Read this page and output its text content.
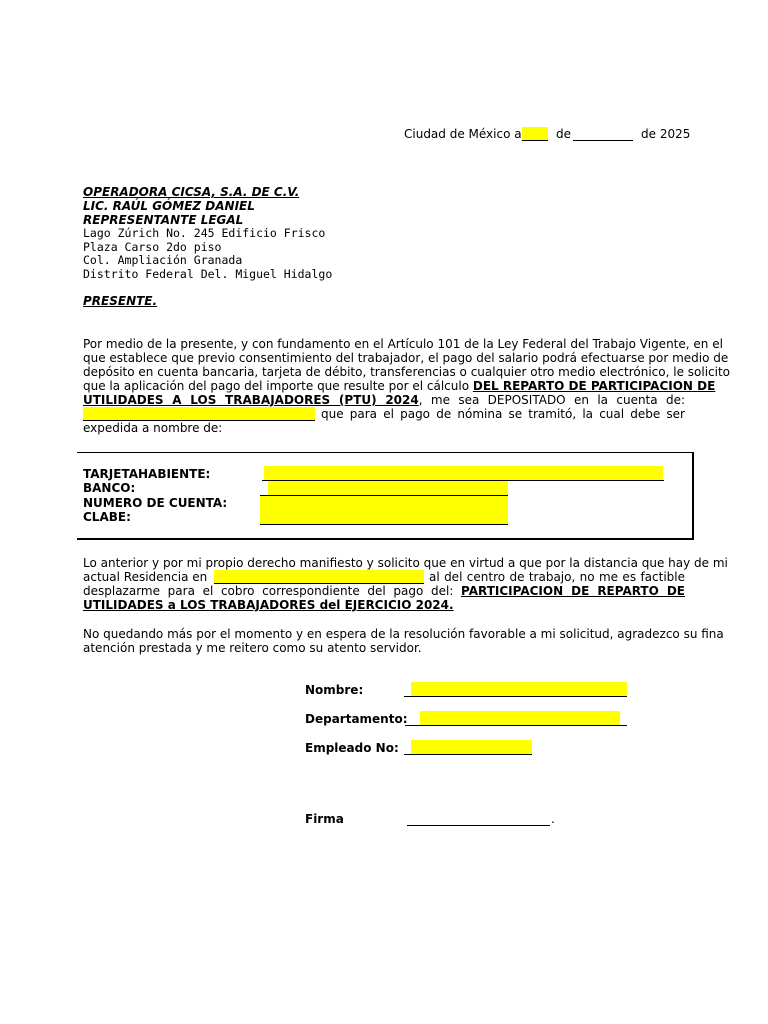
Ciudad de México a	de	de 2025
OPERADORA CICSA, S.A. DE C.V.
LIC. RAÚL GÓMEZ DANIEL
REPRESENTANTE LEGAL
Lago Zúrich No. 245 Edificio Frisco
Plaza Carso 2do piso
Col. Ampliación Granada
Distrito Federal Del. Miguel Hidalgo
PRESENTE.
Por medio de la presente, y con fundamento en el Artículo 101 de la Ley Federal del Trabajo Vigente, en el
que establece que previo consentimiento del trabajador, el pago del salario podrá efectuarse por medio de
depósito en cuenta bancaria, tarjeta de débito, transferencias o cualquier otro medio electrónico, le solicito
que la aplicación del pago del importe que resulte por el cálculo DEL REPARTO DE PARTICIPACION DE
UTILIDADES A LOS TRABAJADORES (PTU) 2024, me sea DEPOSITADO en la cuenta de:
que para el pago de nómina se tramitó, la cual debe ser
expedida a nombre de:
TARJETAHABIENTE:
BANCO:
NUMERO DE CUENTA:
CLABE:
Lo anterior y por mi propio derecho manifiesto y solicito que en virtud a que por la distancia que hay de mi
actual Residencia en	al del centro de trabajo, no me es factible
desplazarme para el cobro correspondiente del pago del: PARTICIPACION DE REPARTO DE
UTILIDADES a LOS TRABAJADORES del EJERCICIO 2024.
No quedando más por el momento y en espera de la resolución favorable a mi solicitud, agradezco su fina
atención prestada y me reitero como su atento servidor.
Nombre:
Departamento:
Empleado No:
Firma	.
